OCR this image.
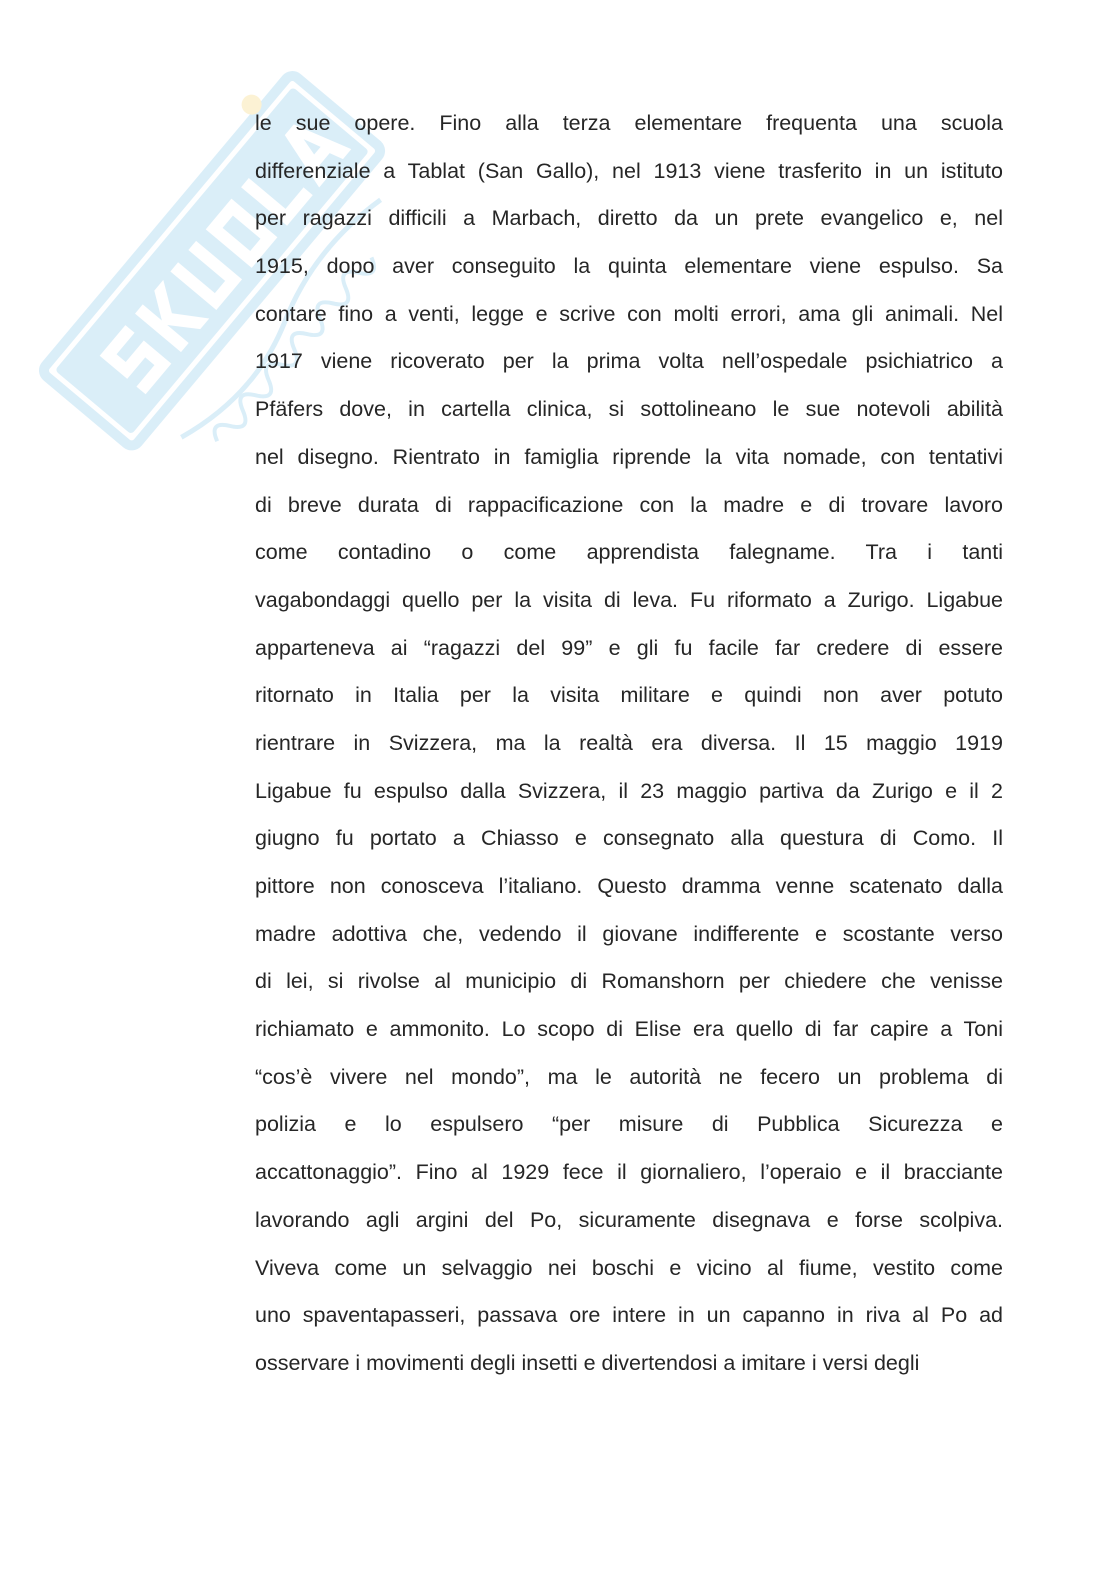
le sue opere. Fino alla terza elementare frequenta una scuola
differenziale a Tablat (San Gallo), nel 1913 viene trasferito in un istituto
per ragazzi difficili a Marbach, diretto da un prete evangelico e, nel
1915, dopo aver conseguito la quinta elementare viene espulso. Sa
contare fino a venti, legge e scrive con molti errori, ama gli animali. Nel
1917 viene ricoverato per la prima volta nell’ospedale psichiatrico a
Pfäfers dove, in cartella clinica, si sottolineano le sue notevoli abilità
nel disegno. Rientrato in famiglia riprende la vita nomade, con tentativi
di breve durata di rappacificazione con la madre e di trovare lavoro
come contadino o come apprendista falegname. Tra i tanti
vagabondaggi quello per la visita di leva. Fu riformato a Zurigo. Ligabue
apparteneva ai “ragazzi del 99” e gli fu facile far credere di essere
ritornato in Italia per la visita militare e quindi non aver potuto
rientrare in Svizzera, ma la realtà era diversa. Il 15 maggio 1919
Ligabue fu espulso dalla Svizzera, il 23 maggio partiva da Zurigo e il 2
giugno fu portato a Chiasso e consegnato alla questura di Como. Il
pittore non conosceva l’italiano. Questo dramma venne scatenato dalla
madre adottiva che, vedendo il giovane indifferente e scostante verso
di lei, si rivolse al municipio di Romanshorn per chiedere che venisse
richiamato e ammonito. Lo scopo di Elise era quello di far capire a Toni
“cos’è vivere nel mondo”, ma le autorità ne fecero un problema di
polizia e lo espulsero “per misure di Pubblica Sicurezza e
accattonaggio”. Fino al 1929 fece il giornaliero, l’operaio e il bracciante
lavorando agli argini del Po, sicuramente disegnava e forse scolpiva.
Viveva come un selvaggio nei boschi e vicino al fiume, vestito come
uno spaventapasseri, passava ore intere in un capanno in riva al Po ad
osservare i movimenti degli insetti e divertendosi a imitare i versi degli
